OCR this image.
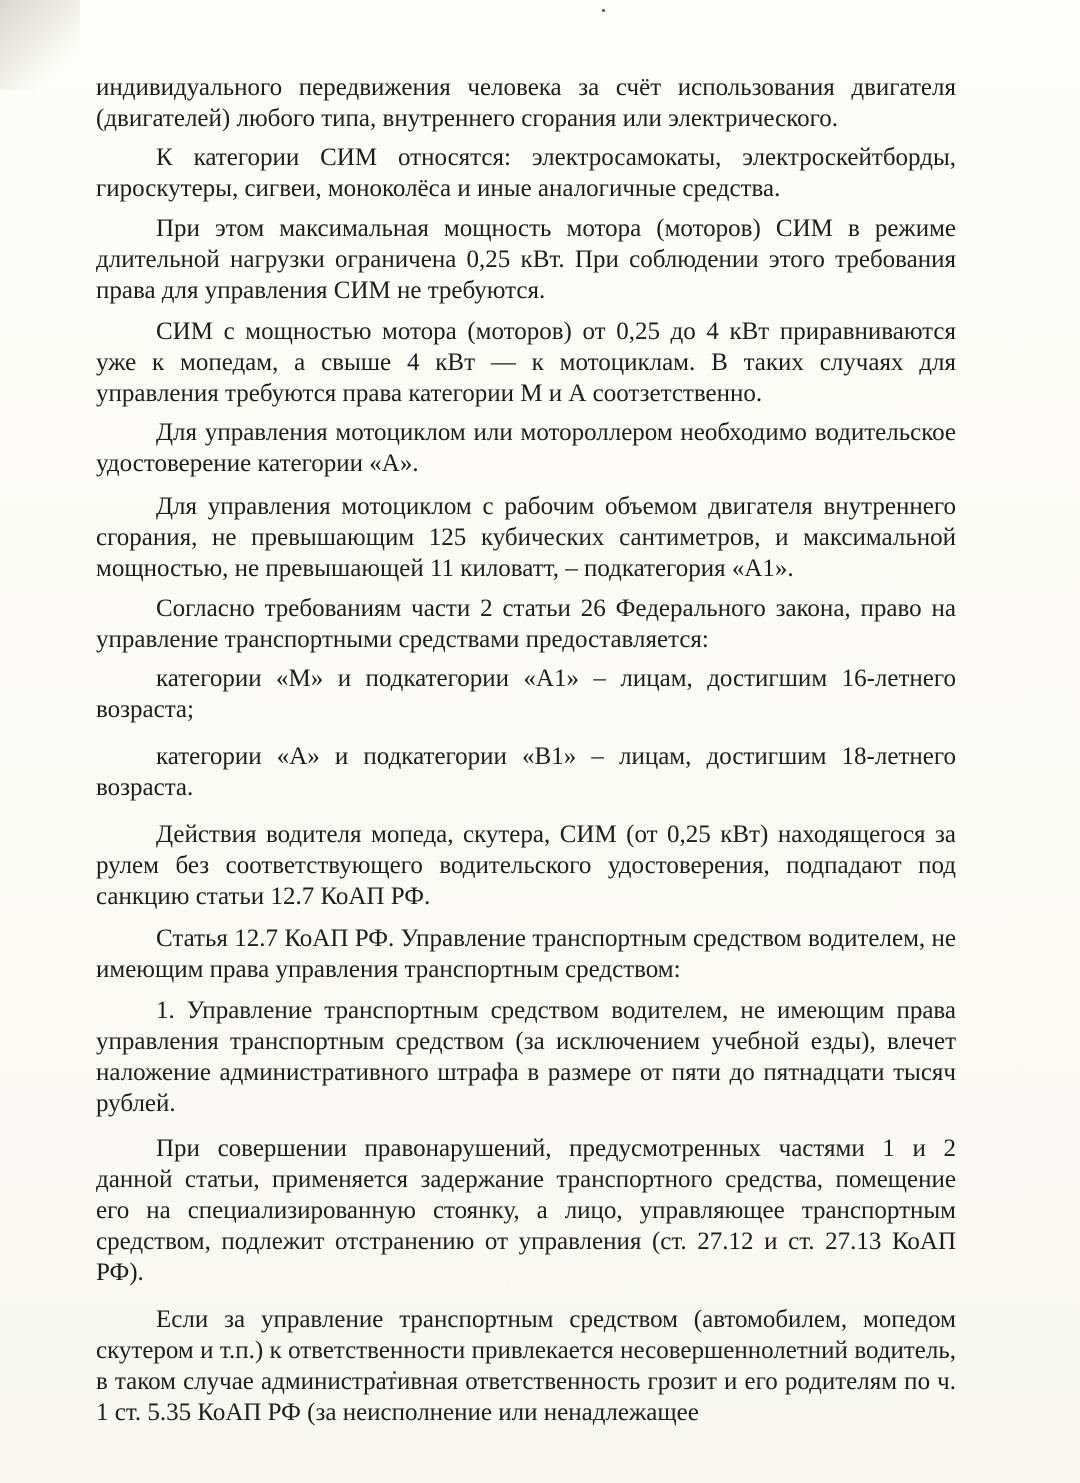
индивидуального передвижения человека за счёт использования двигателя (двигателей) любого типа, внутреннего сгорания или электрического.

К категории СИМ относятся: электросамокаты, электроскейтборды, гироскутеры, сигвеи, моноколёса и иные аналогичные средства.

При этом максимальная мощность мотора (моторов) СИМ в режиме длительной нагрузки ограничена 0,25 кВт. При соблюдении этого требования права для управления СИМ не требуются.

СИМ с мощностью мотора (моторов) от 0,25 до 4 кВт приравниваются уже к мопедам, а свыше 4 кВт — к мотоциклам. В таких случаях для управления требуются права категории М и А соотзетственно.

Для управления мотоциклом или мотороллером необходимо водительское удостоверение категории «А».

Для управления мотоциклом с рабочим объемом двигателя внутреннего сгорания, не превышающим 125 кубических сантиметров, и максимальной мощностью, не превышающей 11 киловатт, – подкатегория «А1».

Согласно требованиям части 2 статьи 26 Федерального закона, право на управление транспортными средствами предоставляется:

категории «М» и подкатегории «А1» – лицам, достигшим 16-летнего возраста;

категории «А» и подкатегории «В1» – лицам, достигшим 18-летнего возраста.

Действия водителя мопеда, скутера, СИМ (от 0,25 кВт) находящегося за рулем без соответствующего водительского удостоверения, подпадают под санкцию статьи 12.7 КоАП РФ.

Статья 12.7 КоАП РФ. Управление транспортным средством водителем, не имеющим права управления транспортным средством:

1. Управление транспортным средством водителем, не имеющим права управления транспортным средством (за исключением учебной езды), влечет наложение административного штрафа в размере от пяти до пятнадцати тысяч рублей.

При совершении правонарушений, предусмотренных частями 1 и 2 данной статьи, применяется задержание транспортного средства, помещение его на специализированную стоянку, а лицо, управляющее транспортным средством, подлежит отстранению от управления (ст. 27.12 и ст. 27.13 КоАП РФ).

Если за управление транспортным средством (автомобилем, мопедом скутером и т.п.) к ответственности привлекается несовершеннолетний водитель, в таком случае административная ответственность грозит и его родителям по ч. 1 ст. 5.35 КоАП РФ (за неисполнение или ненадлежащее
